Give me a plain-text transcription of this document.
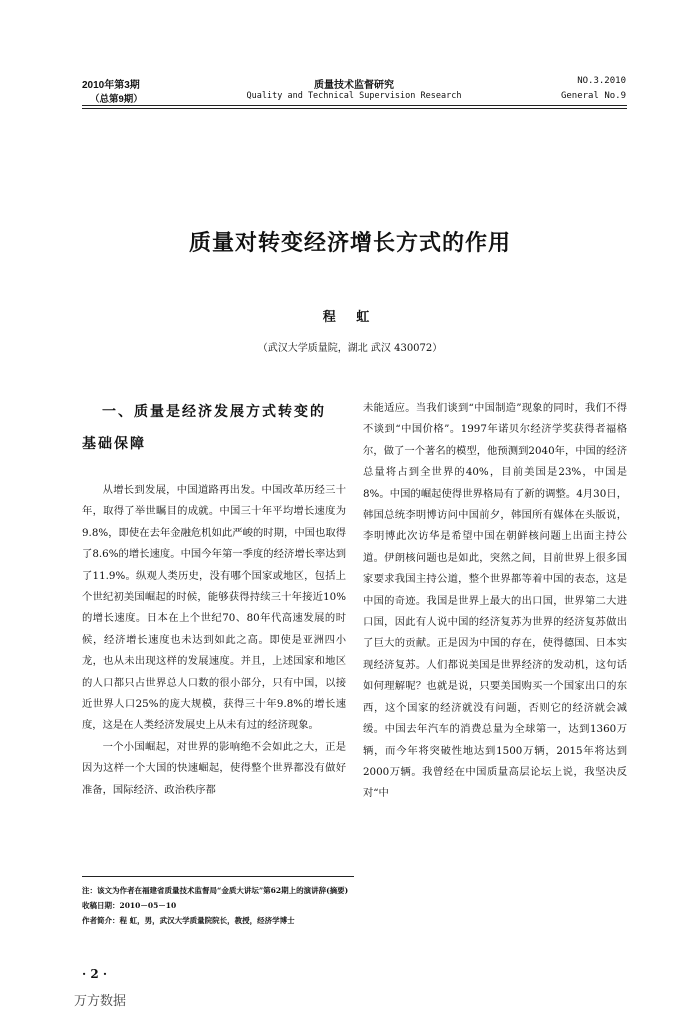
2010年第3期
（总第9期）
质量技术监督研究
Quality and Technical Supervision Research
NO.3.2010
General No.9
质量对转变经济增长方式的作用
程 虹
（武汉大学质量院，湖北 武汉 430072）
一、质量是经济发展方式转变的
基础保障

从增长到发展，中国道路再出发。中国改革历经三十年，取得了举世瞩目的成就。中国三十年平均增长速度为9.8%，即使在去年金融危机如此严峻的时期，中国也取得了8.6%的增长速度。中国今年第一季度的经济增长率达到了11.9%。纵观人类历史，没有哪个国家或地区，包括上个世纪初美国崛起的时候，能够获得持续三十年接近10%的增长速度。日本在上个世纪70、80年代高速发展的时候，经济增长速度也未达到如此之高。即使是亚洲四小龙，也从未出现这样的发展速度。并且，上述国家和地区的人口都只占世界总人口数的很小部分，只有中国，以接近世界人口25%的庞大规模，获得三十年9.8%的增长速度，这是在人类经济发展史上从未有过的经济现象。

一个小国崛起，对世界的影响绝不会如此之大，正是因为这样一个大国的快速崛起，使得整个世界都没有做好准备，国际经济、政治秩序都

未能适应。当我们谈到“中国制造”现象的同时，我们不得不谈到“中国价格”。1997年诺贝尔经济学奖获得者福格尔，做了一个著名的模型，他预测到2040年，中国的经济总量将占到全世界的40%，目前美国是23%，中国是8%。中国的崛起使得世界格局有了新的调整。4月30日，韩国总统李明博访问中国前夕，韩国所有媒体在头版说，李明博此次访华是希望中国在朝鲜核问题上出面主持公道。伊朗核问题也是如此，突然之间，目前世界上很多国家要求我国主持公道，整个世界都等着中国的表态，这是中国的奇迹。我国是世界上最大的出口国，世界第二大进口国，因此有人说中国的经济复苏为世界的经济复苏做出了巨大的贡献。正是因为中国的存在，使得德国、日本实现经济复苏。人们都说美国是世界经济的发动机，这句话如何理解呢？也就是说，只要美国购买一个国家出口的东西，这个国家的经济就没有问题，否则它的经济就会减缓。中国去年汽车的消费总量为全球第一，达到1360万辆，而今年将突破性地达到1500万辆，2015年将达到2000万辆。我曾经在中国质量高层论坛上说，我坚决反对“中

注：该文为作者在福建省质量技术监督局“金质大讲坛”第62期上的演讲辞(摘要)
收稿日期：2010－05－10
作者简介：程 虹，男，武汉大学质量院院长，教授，经济学博士
· 2 ·
万方数据
